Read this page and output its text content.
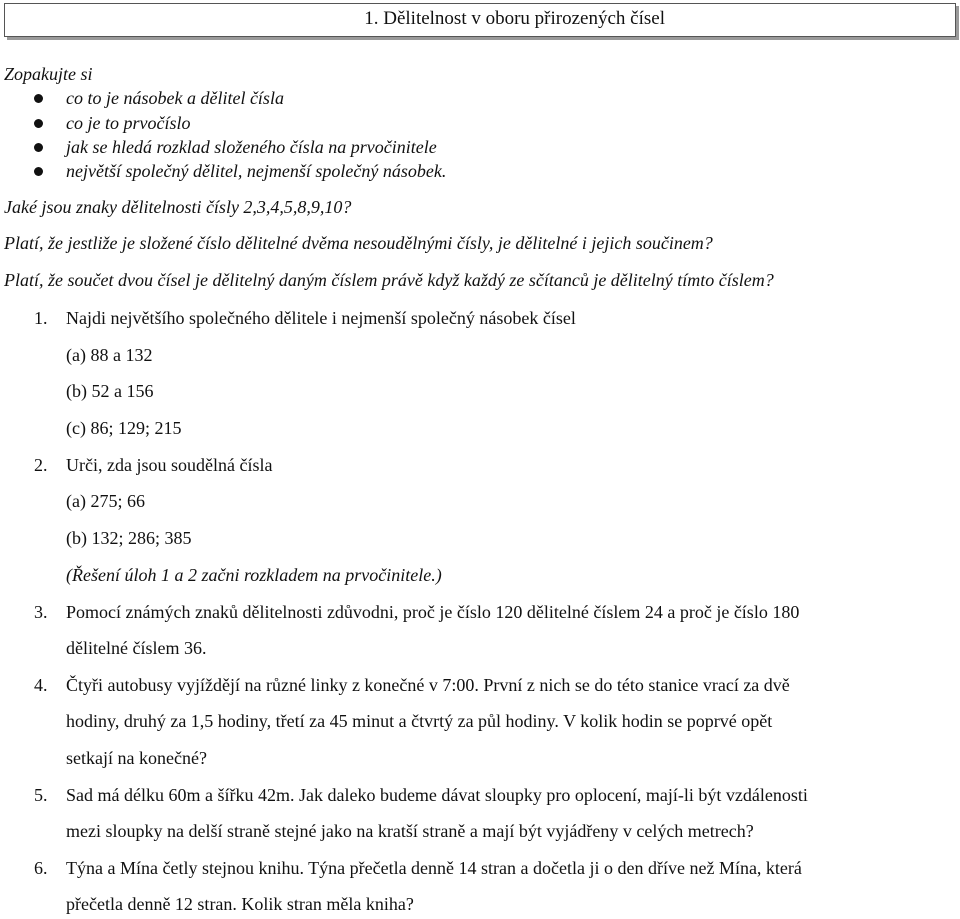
1. Dělitelnost v oboru přirozených čísel
Zopakujte si
co to je násobek a dělitel čísla
co je to prvočíslo
jak se hledá rozklad složeného čísla na prvočinitele
největší společný dělitel, nejmenší společný násobek.
Jaké jsou znaky dělitelnosti čísly 2,3,4,5,8,9,10?
Platí, že jestliže je složené číslo dělitelné dvěma nesoudělnými čísly, je dělitelné i jejich součinem?
Platí, že součet dvou čísel je dělitelný daným číslem právě když každý ze sčítanců je dělitelný tímto číslem?
1. Najdi největšího společného dělitele i nejmenší společný násobek čísel
(a) 88 a 132
(b) 52 a 156
(c) 86; 129; 215
2. Urči, zda jsou soudělná čísla
(a) 275; 66
(b) 132; 286; 385
(Řešení úloh 1 a 2 začni rozkladem na prvočinitele.)
3. Pomocí známých znaků dělitelnosti zdůvodni, proč je číslo 120 dělitelné číslem 24 a proč je číslo 180
dělitelné číslem 36.
4. Čtyři autobusy vyjíždějí na různé linky z konečné v 7:00. První z nich se do této stanice vrací za dvě
hodiny, druhý za 1,5 hodiny, třetí za 45 minut a čtvrtý za půl hodiny. V kolik hodin se poprvé opět
setkají na konečné?
5. Sad má délku 60m a šířku 42m. Jak daleko budeme dávat sloupky pro oplocení, mají-li být vzdálenosti
mezi sloupky na delší straně stejné jako na kratší straně a mají být vyjádřeny v celých metrech?
6. Týna a Mína četly stejnou knihu. Týna přečetla denně 14 stran a dočetla ji o den dříve než Mína, která
přečetla denně 12 stran. Kolik stran měla kniha?
